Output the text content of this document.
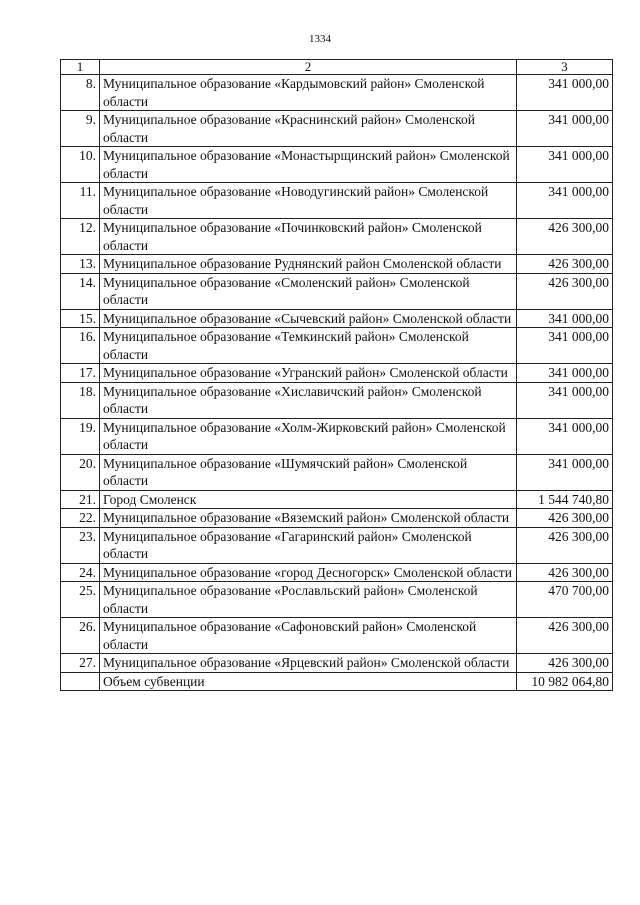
1334
1	2	3
8.	Муниципальное образование «Кардымовский район» Смоленской области	341 000,00
9.	Муниципальное образование «Краснинский район» Смоленской области	341 000,00
10.	Муниципальное образование «Монастырщинский район» Смоленской области	341 000,00
11.	Муниципальное образование «Новодугинский район» Смоленской области	341 000,00
12.	Муниципальное образование «Починковский район» Смоленской области	426 300,00
13.	Муниципальное образование Руднянский район Смоленской области	426 300,00
14.	Муниципальное образование «Смоленский район» Смоленской области	426 300,00
15.	Муниципальное образование «Сычевский район» Смоленской области	341 000,00
16.	Муниципальное образование «Темкинский район» Смоленской области	341 000,00
17.	Муниципальное образование «Угранский район» Смоленской области	341 000,00
18.	Муниципальное образование «Хиславичский район» Смоленской области	341 000,00
19.	Муниципальное образование «Холм-Жирковский район» Смоленской области	341 000,00
20.	Муниципальное образование «Шумячский район» Смоленской области	341 000,00
21.	Город Смоленск	1 544 740,80
22.	Муниципальное образование «Вяземский район» Смоленской области	426 300,00
23.	Муниципальное образование «Гагаринский район» Смоленской области	426 300,00
24.	Муниципальное образование «город Десногорск» Смоленской области	426 300,00
25.	Муниципальное образование «Рославльский район» Смоленской области	470 700,00
26.	Муниципальное образование «Сафоновский район» Смоленской области	426 300,00
27.	Муниципальное образование «Ярцевский район» Смоленской области	426 300,00
	Объем субвенции	10 982 064,80
